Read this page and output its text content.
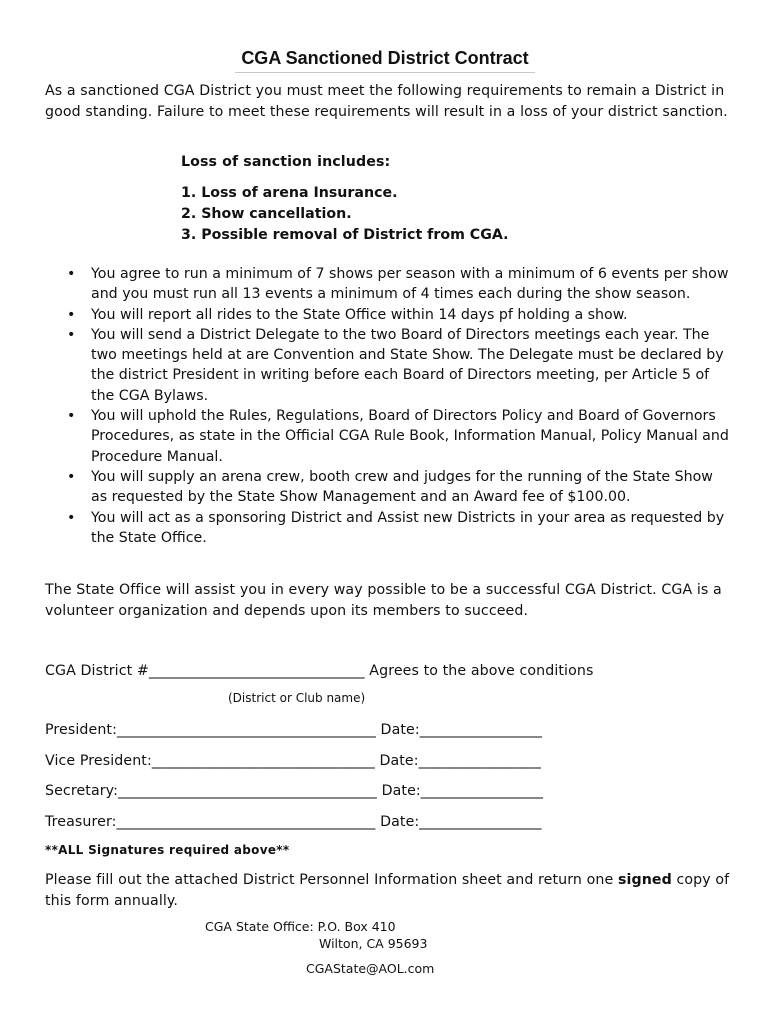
CGA Sanctioned District Contract
As a sanctioned CGA District you must meet the following requirements to remain a District in good standing. Failure to meet these requirements will result in a loss of your district sanction.
Loss of sanction includes:
1. Loss of arena Insurance.
2. Show cancellation.
3. Possible removal of District from CGA.
• You agree to run a minimum of 7 shows per season with a minimum of 6 events per show and you must run all 13 events a minimum of 4 times each during the show season.
• You will report all rides to the State Office within 14 days pf holding a show.
• You will send a District Delegate to the two Board of Directors meetings each year. The two meetings held at are Convention and State Show. The Delegate must be declared by the district President in writing before each Board of Directors meeting, per Article 5 of the CGA Bylaws.
• You will uphold the Rules, Regulations, Board of Directors Policy and Board of Governors Procedures, as state in the Official CGA Rule Book, Information Manual, Policy Manual and Procedure Manual.
• You will supply an arena crew, booth crew and judges for the running of the State Show as requested by the State Show Management and an Award fee of $100.00.
• You will act as a sponsoring District and Assist new Districts in your area as requested by the State Office.
The State Office will assist you in every way possible to be a successful CGA District. CGA is a volunteer organization and depends upon its members to succeed.
CGA District #______________________________ Agrees to the above conditions
(District or Club name)
President:____________________________________ Date:_________________
Vice President:_______________________________ Date:_________________
Secretary:____________________________________ Date:_________________
Treasurer:____________________________________ Date:_________________
**ALL Signatures required above**
Please fill out the attached District Personnel Information sheet and return one signed copy of this form annually.
CGA State Office: P.O. Box 410
Wilton, CA 95693
CGAState@AOL.com
